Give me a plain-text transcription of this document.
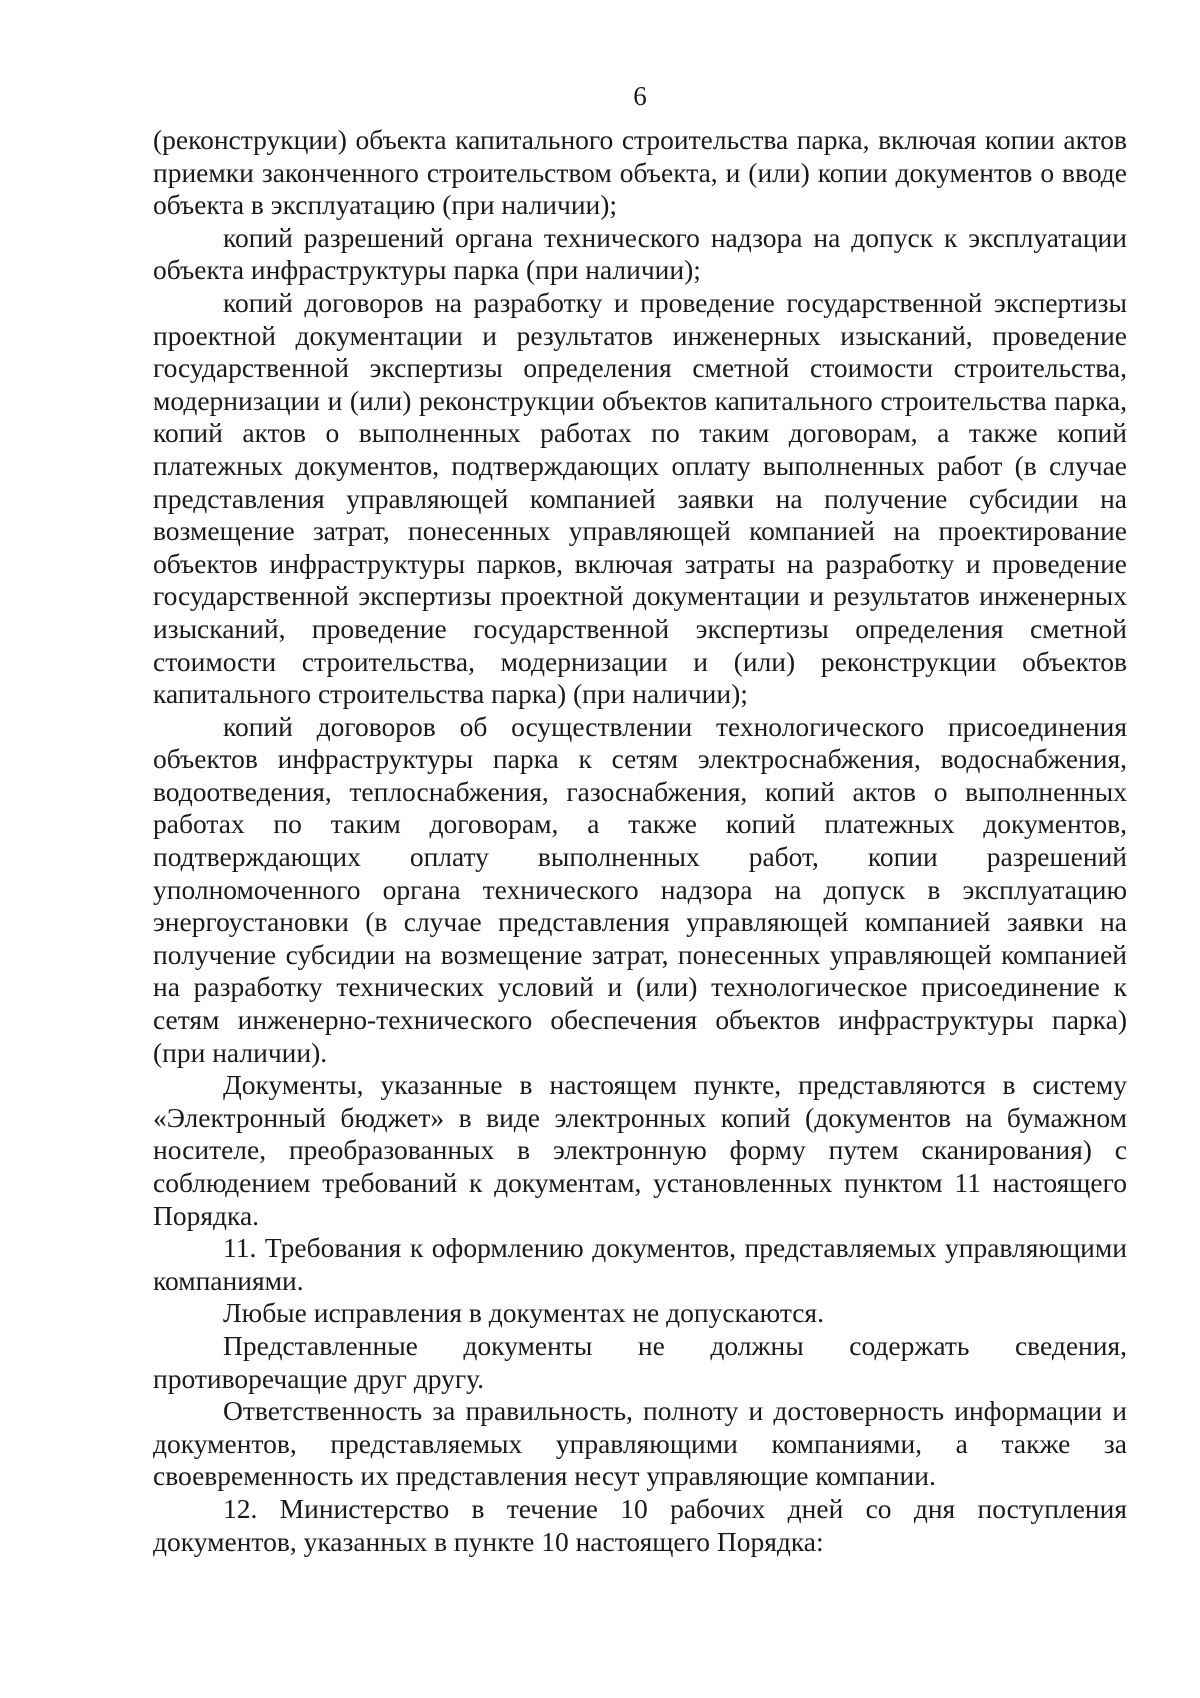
6

(реконструкции) объекта капитального строительства парка, включая копии актов приемки законченного строительством объекта, и (или) копии документов о вводе объекта в эксплуатацию (при наличии);

копий разрешений органа технического надзора на допуск к эксплуатации объекта инфраструктуры парка (при наличии);

копий договоров на разработку и проведение государственной экспертизы проектной документации и результатов инженерных изысканий, проведение государственной экспертизы определения сметной стоимости строительства, модернизации и (или) реконструкции объектов капитального строительства парка, копий актов о выполненных работах по таким договорам, а также копий платежных документов, подтверждающих оплату выполненных работ (в случае представления управляющей компанией заявки на получение субсидии на возмещение затрат, понесенных управляющей компанией на проектирование объектов инфраструктуры парков, включая затраты на разработку и проведение государственной экспертизы проектной документации и результатов инженерных изысканий, проведение государственной экспертизы определения сметной стоимости строительства, модернизации и (или) реконструкции объектов капитального строительства парка) (при наличии);

копий договоров об осуществлении технологического присоединения объектов инфраструктуры парка к сетям электроснабжения, водоснабжения, водоотведения, теплоснабжения, газоснабжения, копий актов о выполненных работах по таким договорам, а также копий платежных документов, подтверждающих оплату выполненных работ, копии разрешений уполномоченного органа технического надзора на допуск в эксплуатацию энергоустановки (в случае представления управляющей компанией заявки на получение субсидии на возмещение затрат, понесенных управляющей компанией на разработку технических условий и (или) технологическое присоединение к сетям инженерно-технического обеспечения объектов инфраструктуры парка) (при наличии).

Документы, указанные в настоящем пункте, представляются в систему «Электронный бюджет» в виде электронных копий (документов на бумажном носителе, преобразованных в электронную форму путем сканирования) с соблюдением требований к документам, установленных пунктом 11 настоящего Порядка.

11. Требования к оформлению документов, представляемых управляющими компаниями.

Любые исправления в документах не допускаются.

Представленные документы не должны содержать сведения, противоречащие друг другу.

Ответственность за правильность, полноту и достоверность информации и документов, представляемых управляющими компаниями, а также за своевременность их представления несут управляющие компании.

12. Министерство в течение 10 рабочих дней со дня поступления документов, указанных в пункте 10 настоящего Порядка:
